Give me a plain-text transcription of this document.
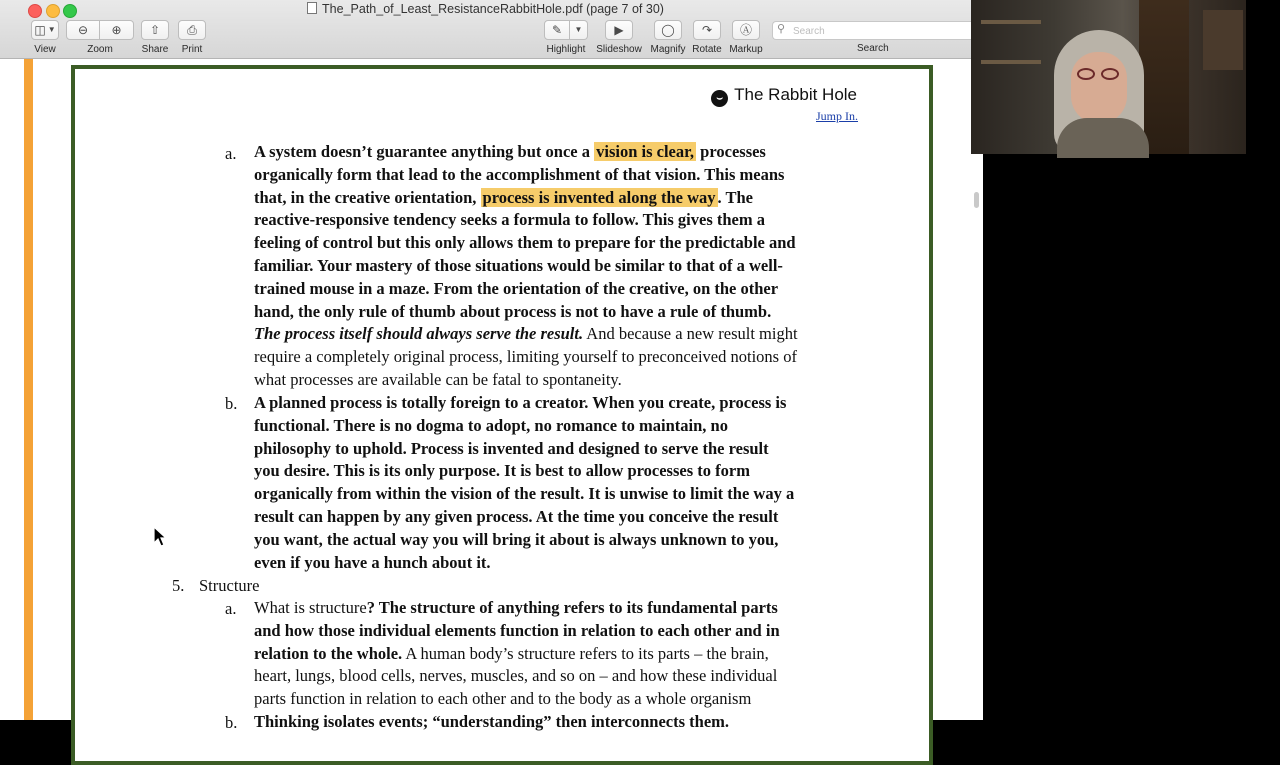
The_Path_of_Least_ResistanceRabbitHole.pdf (page 7 of 30)
◫ ▼
View
⊖ ⊕
Zoom
⇧
Share
⎙
Print
✎ ▼
Highlight
▶
Slideshow
◯
Magnify
↷
Rotate
Ⓐ
Markup
⚲
Search
Search
⌣ The Rabbit Hole
Jump In.
a. A system doesn’t guarantee anything but once a vision is clear, processes
organically form that lead to the accomplishment of that vision. This means
that, in the creative orientation, process is invented along the way . The
reactive-responsive tendency seeks a formula to follow. This gives them a
feeling of control but this only allows them to prepare for the predictable and
familiar. Your mastery of those situations would be similar to that of a well-
trained mouse in a maze. From the orientation of the creative, on the other
hand, the only rule of thumb about process is not to have a rule of thumb.
The process itself should always serve the result. And because a new result might
require a completely original process, limiting yourself to preconceived notions of
what processes are available can be fatal to spontaneity.
b. A planned process is totally foreign to a creator. When you create, process is
functional. There is no dogma to adopt, no romance to maintain, no
philosophy to uphold. Process is invented and designed to serve the result
you desire. This is its only purpose. It is best to allow processes to form
organically from within the vision of the result. It is unwise to limit the way a
result can happen by any given process. At the time you conceive the result
you want, the actual way you will bring it about is always unknown to you,
even if you have a hunch about it.
5. Structure
a. What is structure? The structure of anything refers to its fundamental parts
and how those individual elements function in relation to each other and in
relation to the whole. A human body’s structure refers to its parts – the brain,
heart, lungs, blood cells, nerves, muscles, and so on – and how these individual
parts function in relation to each other and to the body as a whole organism
b. Thinking isolates events; “understanding” then interconnects them.
